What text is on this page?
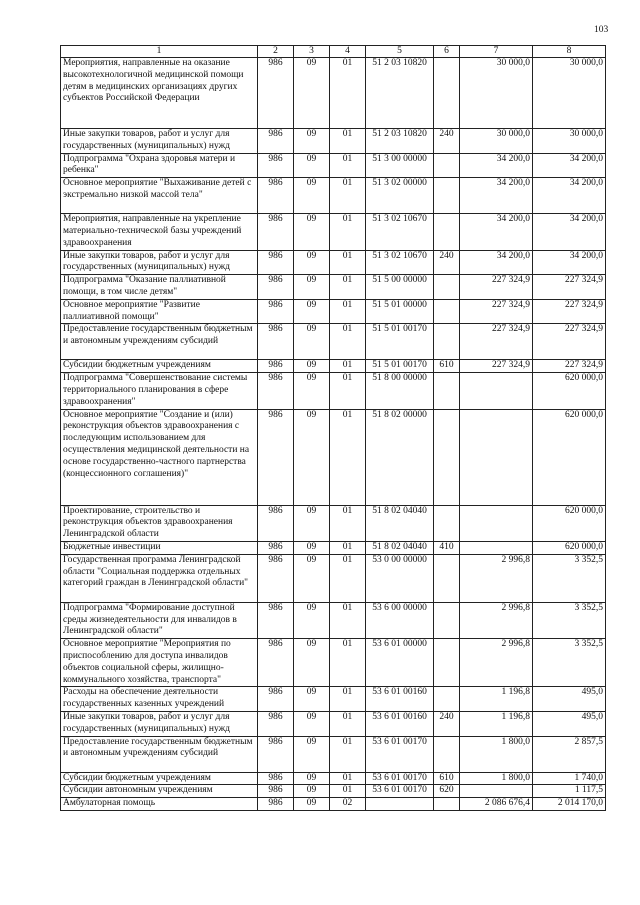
103
1	2	3	4	5	6	7	8
Мероприятия, направленные на оказание высокотехнологичной медицинской помощи детям в медицинских организациях других субъектов Российской Федерации	986	09	01	51 2 03 10820		30 000,0	30 000,0
Иные закупки товаров, работ и услуг для государственных (муниципальных) нужд	986	09	01	51 2 03 10820	240	30 000,0	30 000,0
Подпрограмма "Охрана здоровья матери и ребенка"	986	09	01	51 3 00 00000		34 200,0	34 200,0
Основное мероприятие "Выхаживание детей с экстремально низкой массой тела"	986	09	01	51 3 02 00000		34 200,0	34 200,0
Мероприятия, направленные на укрепление материально-технической базы учреждений здравоохранения	986	09	01	51 3 02 10670		34 200,0	34 200,0
Иные закупки товаров, работ и услуг для государственных (муниципальных) нужд	986	09	01	51 3 02 10670	240	34 200,0	34 200,0
Подпрограмма "Оказание паллиативной помощи, в том числе детям"	986	09	01	51 5 00 00000		227 324,9	227 324,9
Основное мероприятие "Развитие паллиативной помощи"	986	09	01	51 5 01 00000		227 324,9	227 324,9
Предоставление государственным бюджетным и автономным учреждениям субсидий	986	09	01	51 5 01 00170		227 324,9	227 324,9
Субсидии бюджетным учреждениям	986	09	01	51 5 01 00170	610	227 324,9	227 324,9
Подпрограмма "Совершенствование системы территориального планирования в сфере здравоохранения"	986	09	01	51 8 00 00000			620 000,0
Основное мероприятие "Создание и (или) реконструкция объектов здравоохранения с последующим использованием для осуществления медицинской деятельности на основе государственно-частного партнерства (концессионного соглашения)"	986	09	01	51 8 02 00000			620 000,0
Проектирование, строительство и реконструкция объектов здравоохранения Ленинградской области	986	09	01	51 8 02 04040			620 000,0
Бюджетные инвестиции	986	09	01	51 8 02 04040	410		620 000,0
Государственная программа Ленинградской области "Социальная поддержка отдельных категорий граждан в Ленинградской области"	986	09	01	53 0 00 00000		2 996,8	3 352,5
Подпрограмма "Формирование доступной среды жизнедеятельности для инвалидов в Ленинградской области"	986	09	01	53 6 00 00000		2 996,8	3 352,5
Основное мероприятие "Мероприятия по приспособлению для доступа инвалидов объектов социальной сферы, жилищно-коммунального хозяйства, транспорта"	986	09	01	53 6 01 00000		2 996,8	3 352,5
Расходы на обеспечение деятельности государственных казенных учреждений	986	09	01	53 6 01 00160		1 196,8	495,0
Иные закупки товаров, работ и услуг для государственных (муниципальных) нужд	986	09	01	53 6 01 00160	240	1 196,8	495,0
Предоставление государственным бюджетным и автономным учреждениям субсидий	986	09	01	53 6 01 00170		1 800,0	2 857,5
Субсидии бюджетным учреждениям	986	09	01	53 6 01 00170	610	1 800,0	1 740,0
Субсидии автономным учреждениям	986	09	01	53 6 01 00170	620		1 117,5
Амбулаторная помощь	986	09	02			2 086 676,4	2 014 170,0
